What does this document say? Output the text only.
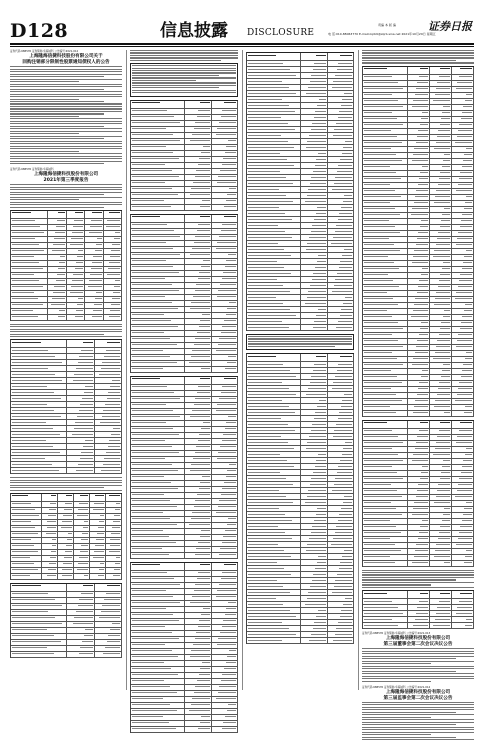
D128	信息披露 DISCLOSURE
责编 本 版 编
电 话:010-88063770 E-mail:zqrb9@zqrb.sina.net 2021年10月29日 星期五
证券日报
证券代码:688535 证券简称:华海诚科 公告编号:2021-012
上海隆海信捷科技股份有限公司关于
回购注销部分限制性股票通知债权人的公告
证券代码:688535 证券简称:华海诚科
上海隆海信捷科技股份有限公司
2021年第三季度报告
证券代码:688535 证券简称:华海诚科 公告编号:2021-013
上海隆海信捷科技股份有限公司
第三届董事会第二次会议决议公告
证券代码:688535 证券简称:华海诚科 公告编号:2021-014
上海隆海信捷科技股份有限公司
第三届监事会第二次会议决议公告
